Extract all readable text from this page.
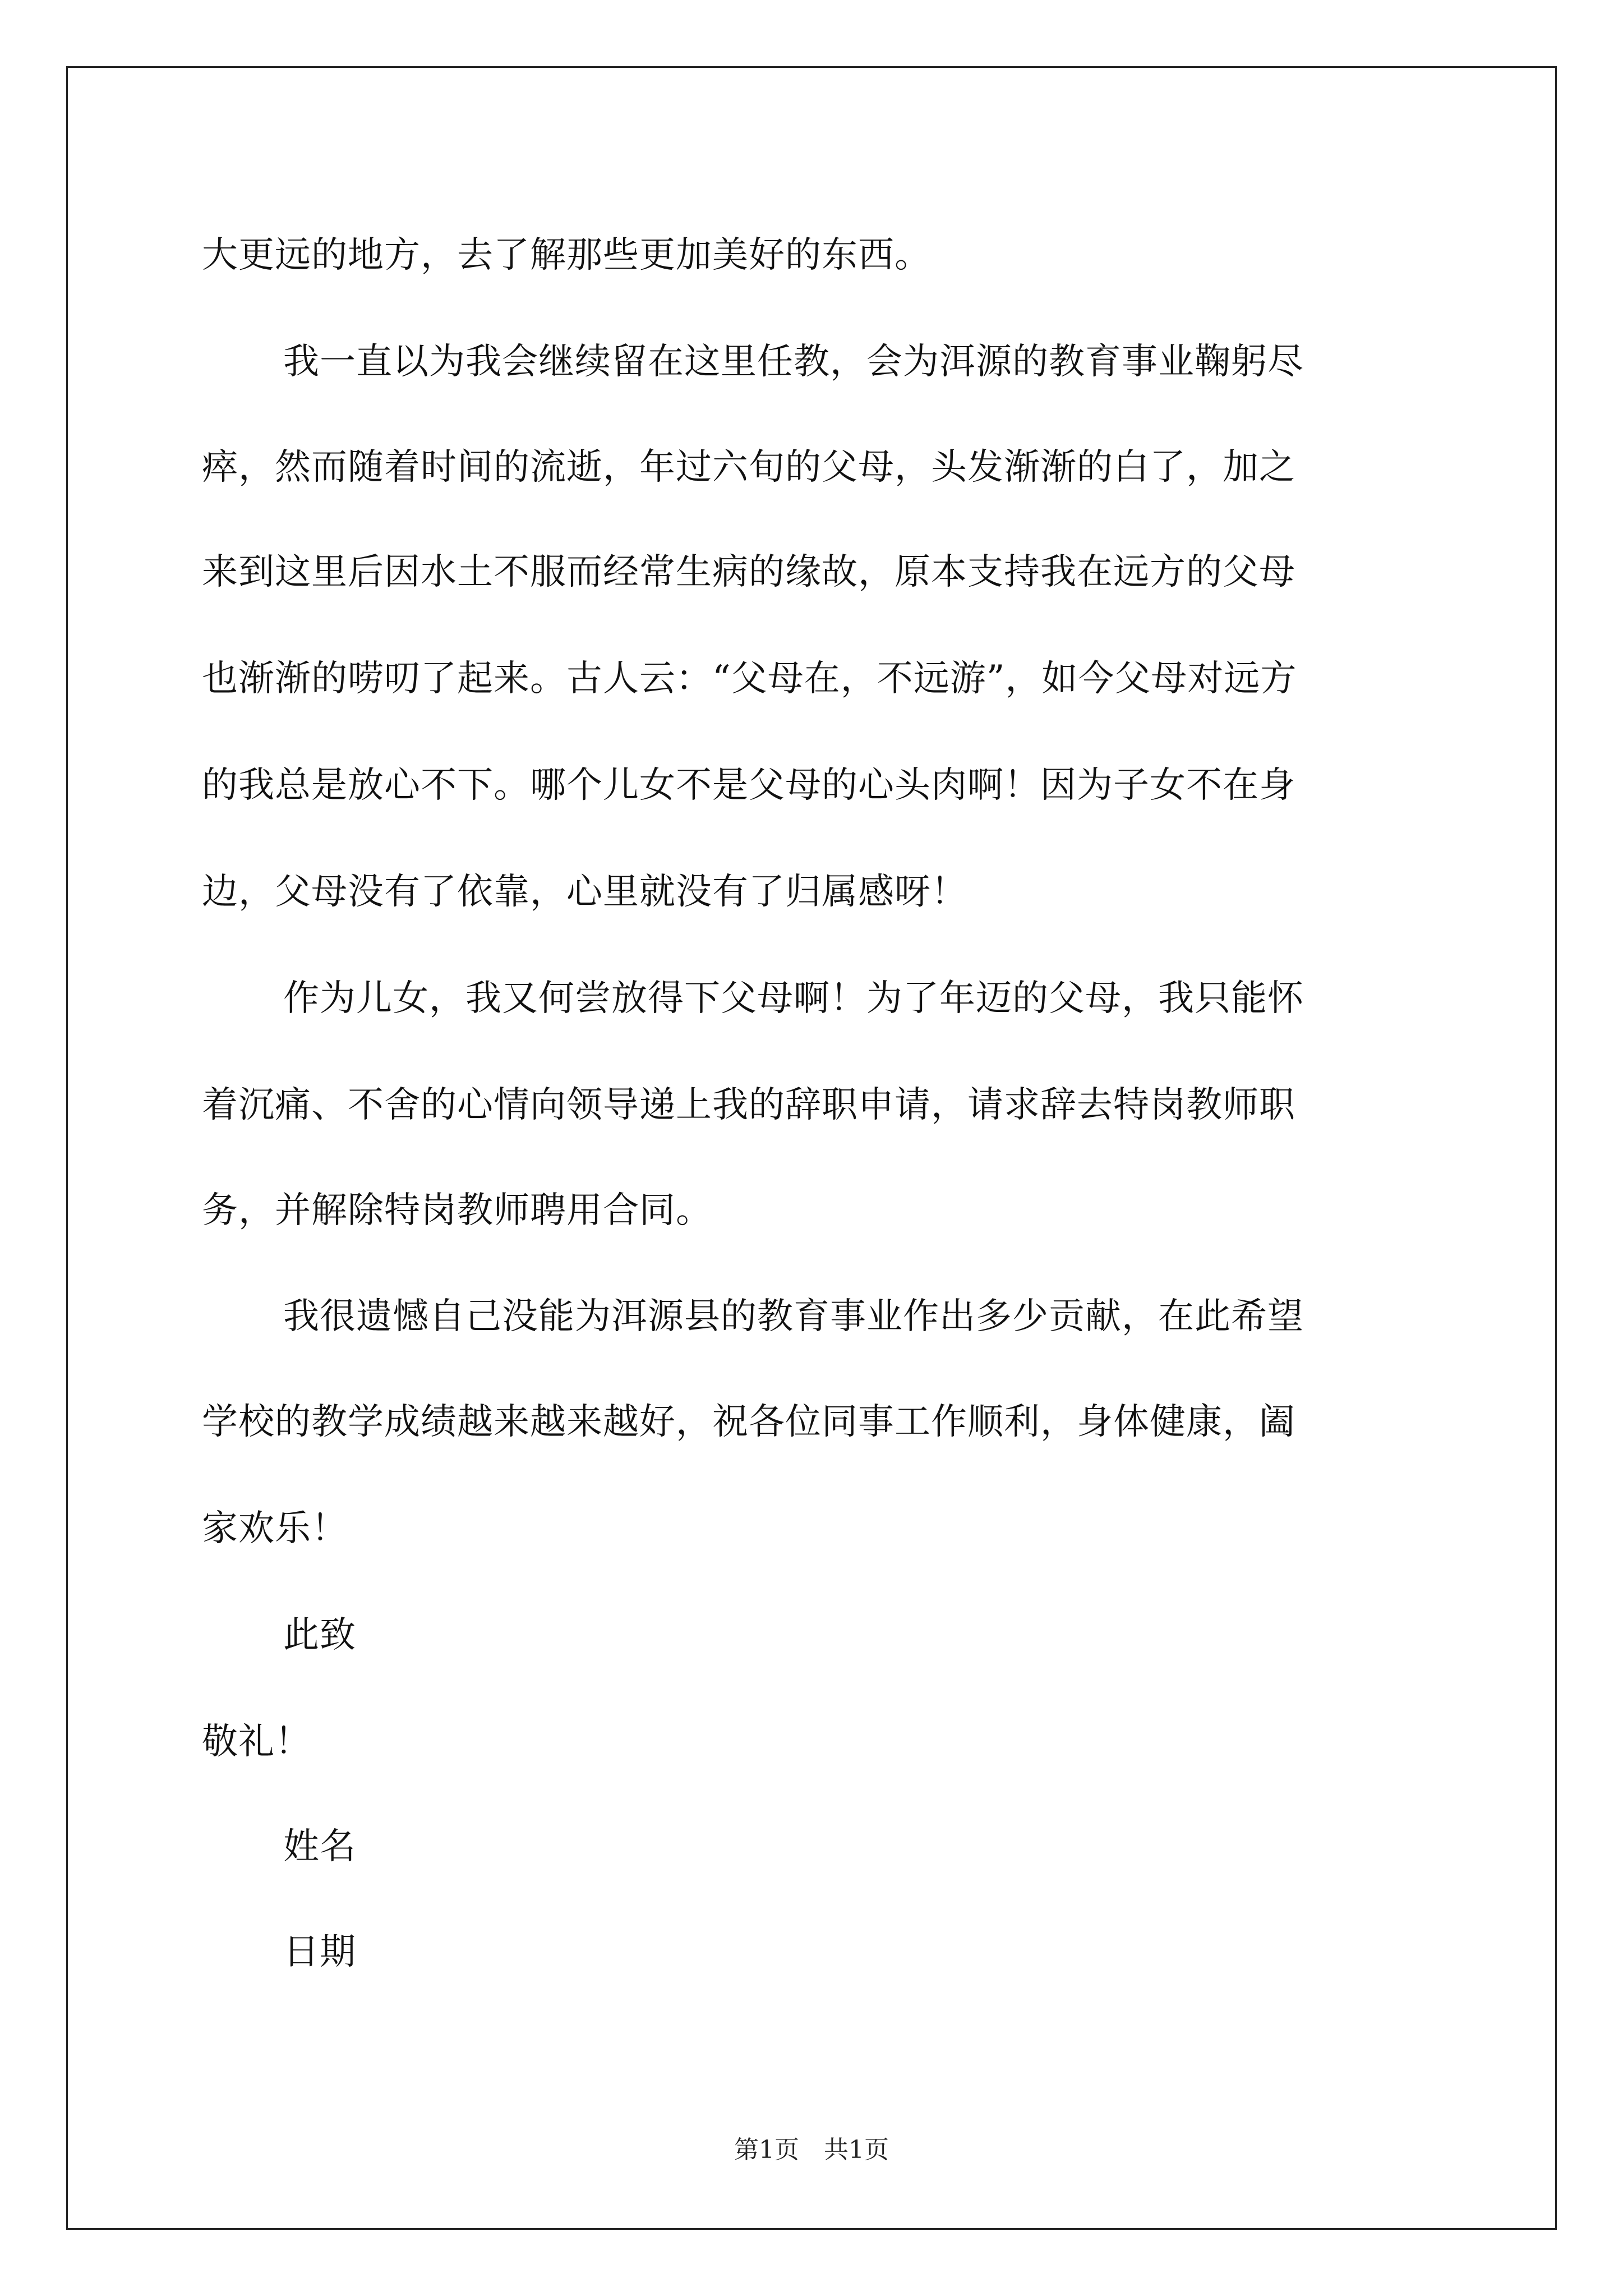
大更远的地方，去了解那些更加美好的东西。
我一直以为我会继续留在这里任教，会为洱源的教育事业鞠躬尽
瘁，然而随着时间的流逝，年过六旬的父母，头发渐渐的白了，加之
来到这里后因水土不服而经常生病的缘故，原本支持我在远方的父母
也渐渐的唠叨了起来。古人云：“父母在，不远游”，如今父母对远方
的我总是放心不下。哪个儿女不是父母的心头肉啊！因为子女不在身
边，父母没有了依靠，心里就没有了归属感呀！
作为儿女，我又何尝放得下父母啊！为了年迈的父母，我只能怀
着沉痛、不舍的心情向领导递上我的辞职申请，请求辞去特岗教师职
务，并解除特岗教师聘用合同。
我很遗憾自己没能为洱源县的教育事业作出多少贡献，在此希望
学校的教学成绩越来越来越好，祝各位同事工作顺利，身体健康，阖
家欢乐！
此致
敬礼！
姓名
日期
第1页　共1页
